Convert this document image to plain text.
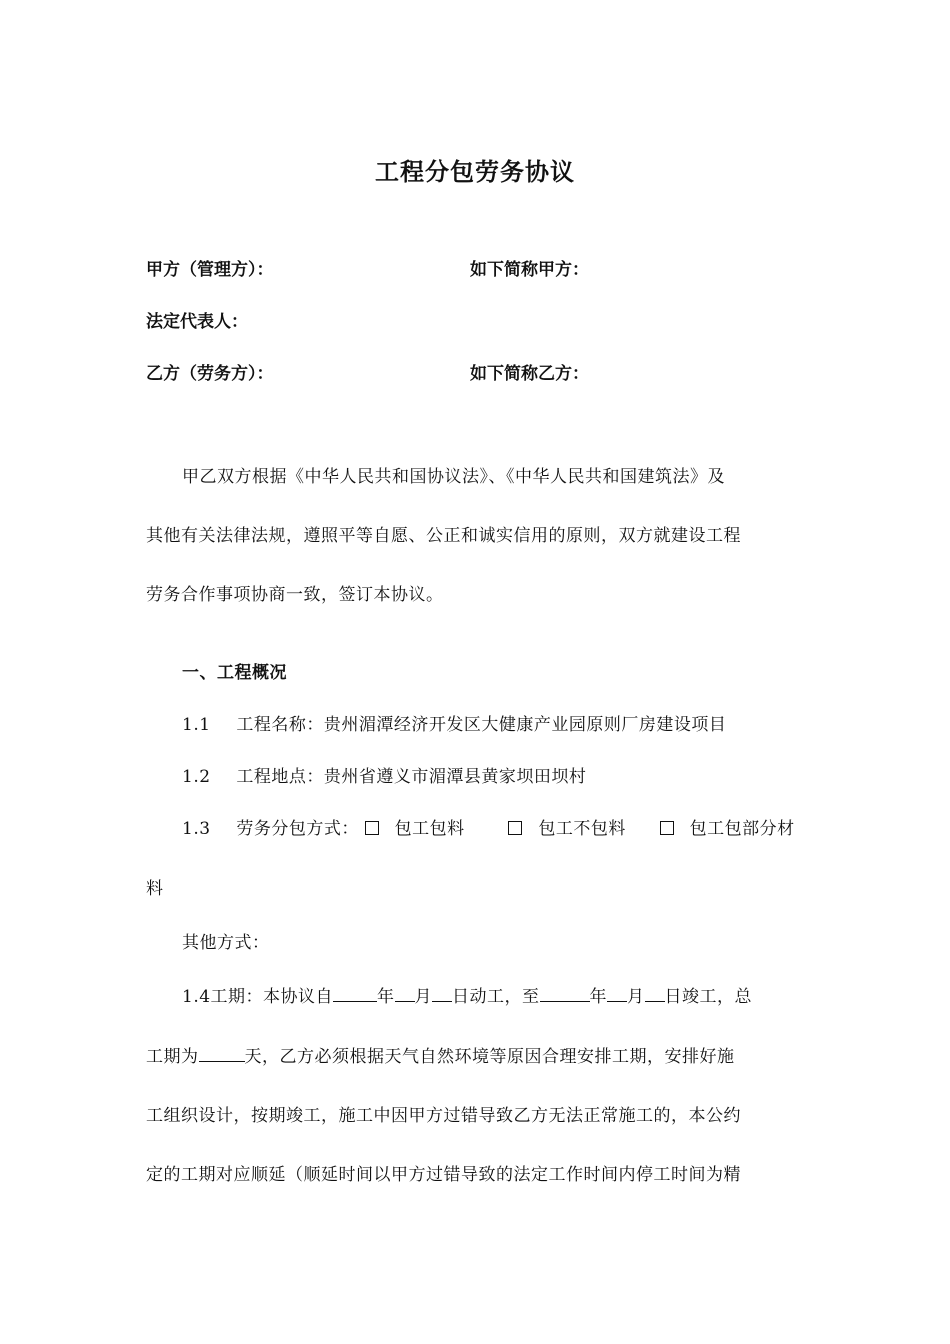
工程分包劳务协议
甲方（管理方）：	如下简称甲方：
法定代表人：
乙方（劳务方）：	如下简称乙方：
甲乙双方根据《中华人民共和国协议法》、《中华人民共和国建筑法》及
其他有关法律法规，遵照平等自愿、公正和诚实信用的原则，双方就建设工程
劳务合作事项协商一致，签订本协议。
一、工程概况
1.1 工程名称：贵州湄潭经济开发区大健康产业园原则厂房建设项目
1.2 工程地点：贵州省遵义市湄潭县黄家坝田坝村
1.3 劳务分包方式： 包工包料	包工不包料	包工包部分材
料
其他方式：
1.4工期：本协议自	年 月 日动工，至	年 月 日竣工，总
工期为	天，乙方必须根据天气自然环境等原因合理安排工期，安排好施
工组织设计，按期竣工，施工中因甲方过错导致乙方无法正常施工的，本公约
定的工期对应顺延（顺延时间以甲方过错导致的法定工作时间内停工时间为精
